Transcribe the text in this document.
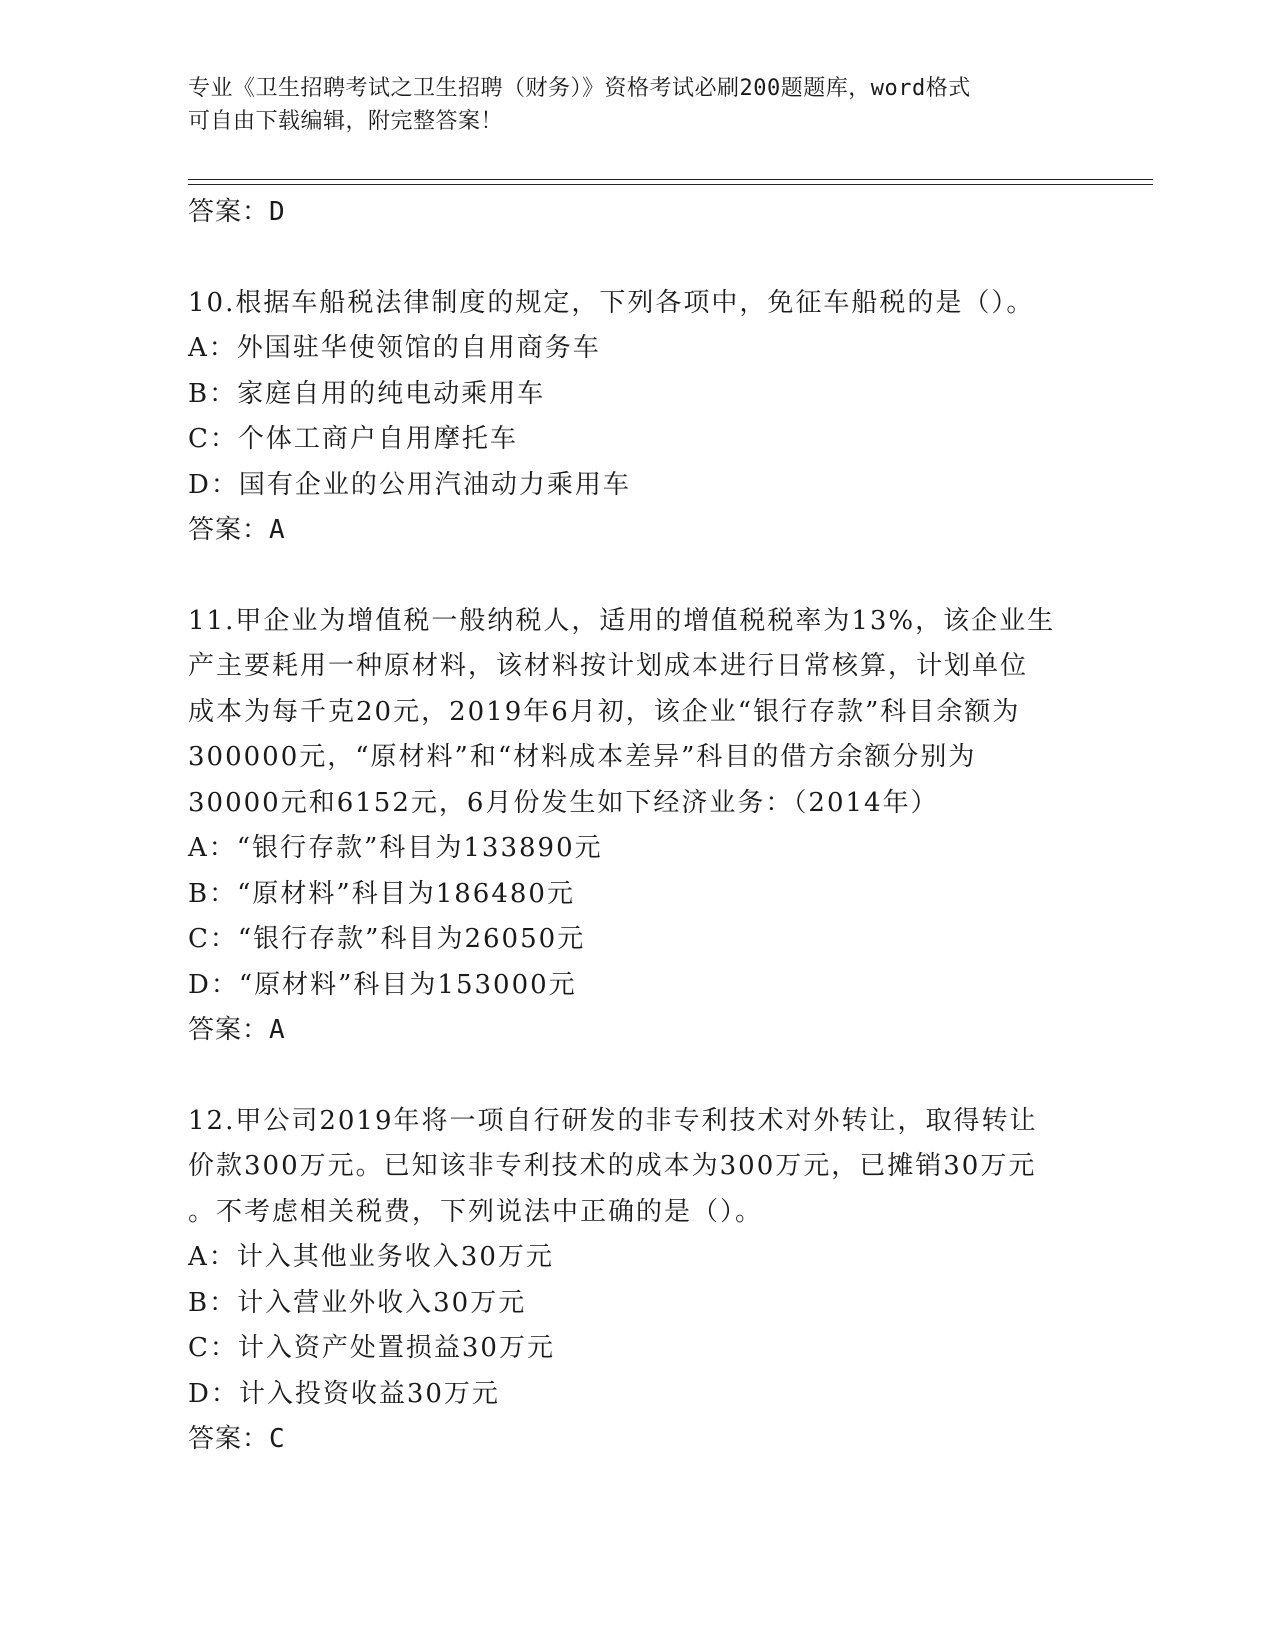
专业《卫生招聘考试之卫生招聘（财务）》资格考试必刷200题题库，word格式
可自由下载编辑，附完整答案！
答案：D
10.根据车船税法律制度的规定，下列各项中，免征车船税的是（）。
A：外国驻华使领馆的自用商务车
B：家庭自用的纯电动乘用车
C：个体工商户自用摩托车
D：国有企业的公用汽油动力乘用车
答案：A
11.甲企业为增值税一般纳税人，适用的增值税税率为13%，该企业生
产主要耗用一种原材料，该材料按计划成本进行日常核算，计划单位
成本为每千克20元，2019年6月初，该企业“银行存款”科目余额为
300000元，“原材料”和“材料成本差异”科目的借方余额分别为
30000元和6152元，6月份发生如下经济业务：（2014年）
A：“银行存款”科目为133890元
B：“原材料”科目为186480元
C：“银行存款”科目为26050元
D：“原材料”科目为153000元
答案：A
12.甲公司2019年将一项自行研发的非专利技术对外转让，取得转让
价款300万元。已知该非专利技术的成本为300万元，已摊销30万元
。不考虑相关税费，下列说法中正确的是（）。
A：计入其他业务收入30万元
B：计入营业外收入30万元
C：计入资产处置损益30万元
D：计入投资收益30万元
答案：C
